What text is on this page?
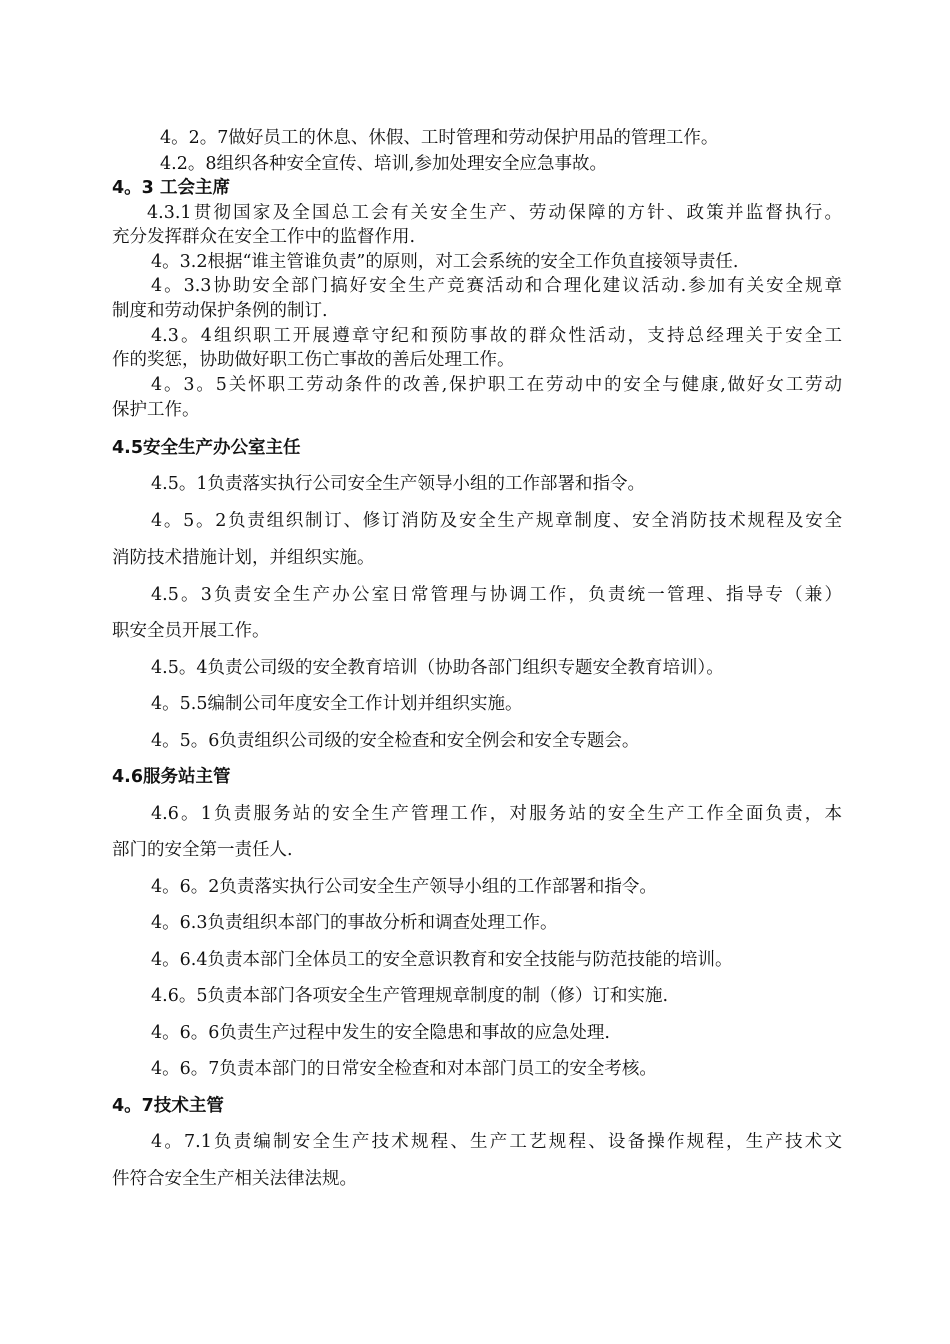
4。2。7做好员工的休息、休假、工时管理和劳动保护用品的管理工作。
4.2。8组织各种安全宣传、培训,参加处理安全应急事故。
4。3 工会主席
4.3.1贯彻国家及全国总工会有关安全生产、劳动保障的方针、政策并监督执行。
充分发挥群众在安全工作中的监督作用.
4。3.2根据“谁主管谁负责”的原则，对工会系统的安全工作负直接领导责任.
4。3.3协助安全部门搞好安全生产竞赛活动和合理化建议活动.参加有关安全规章
制度和劳动保护条例的制订.
4.3。4组织职工开展遵章守纪和预防事故的群众性活动，支持总经理关于安全工
作的奖惩，协助做好职工伤亡事故的善后处理工作。
4。3。5关怀职工劳动条件的改善,保护职工在劳动中的安全与健康,做好女工劳动
保护工作。
4.5安全生产办公室主任
4.5。1负责落实执行公司安全生产领导小组的工作部署和指令。
4。5。2负责组织制订、修订消防及安全生产规章制度、安全消防技术规程及安全
消防技术措施计划，并组织实施。
4.5。3负责安全生产办公室日常管理与协调工作，负责统一管理、指导专（兼）
职安全员开展工作。
4.5。4负责公司级的安全教育培训（协助各部门组织专题安全教育培训）。
4。5.5编制公司年度安全工作计划并组织实施。
4。5。6负责组织公司级的安全检查和安全例会和安全专题会。
4.6服务站主管
4.6。1负责服务站的安全生产管理工作，对服务站的安全生产工作全面负责，本
部门的安全第一责任人.
4。6。2负责落实执行公司安全生产领导小组的工作部署和指令。
4。6.3负责组织本部门的事故分析和调查处理工作。
4。6.4负责本部门全体员工的安全意识教育和安全技能与防范技能的培训。
4.6。5负责本部门各项安全生产管理规章制度的制（修）订和实施.
4。6。6负责生产过程中发生的安全隐患和事故的应急处理.
4。6。7负责本部门的日常安全检查和对本部门员工的安全考核。
4。7技术主管
4。7.1负责编制安全生产技术规程、生产工艺规程、设备操作规程，生产技术文
件符合安全生产相关法律法规。
